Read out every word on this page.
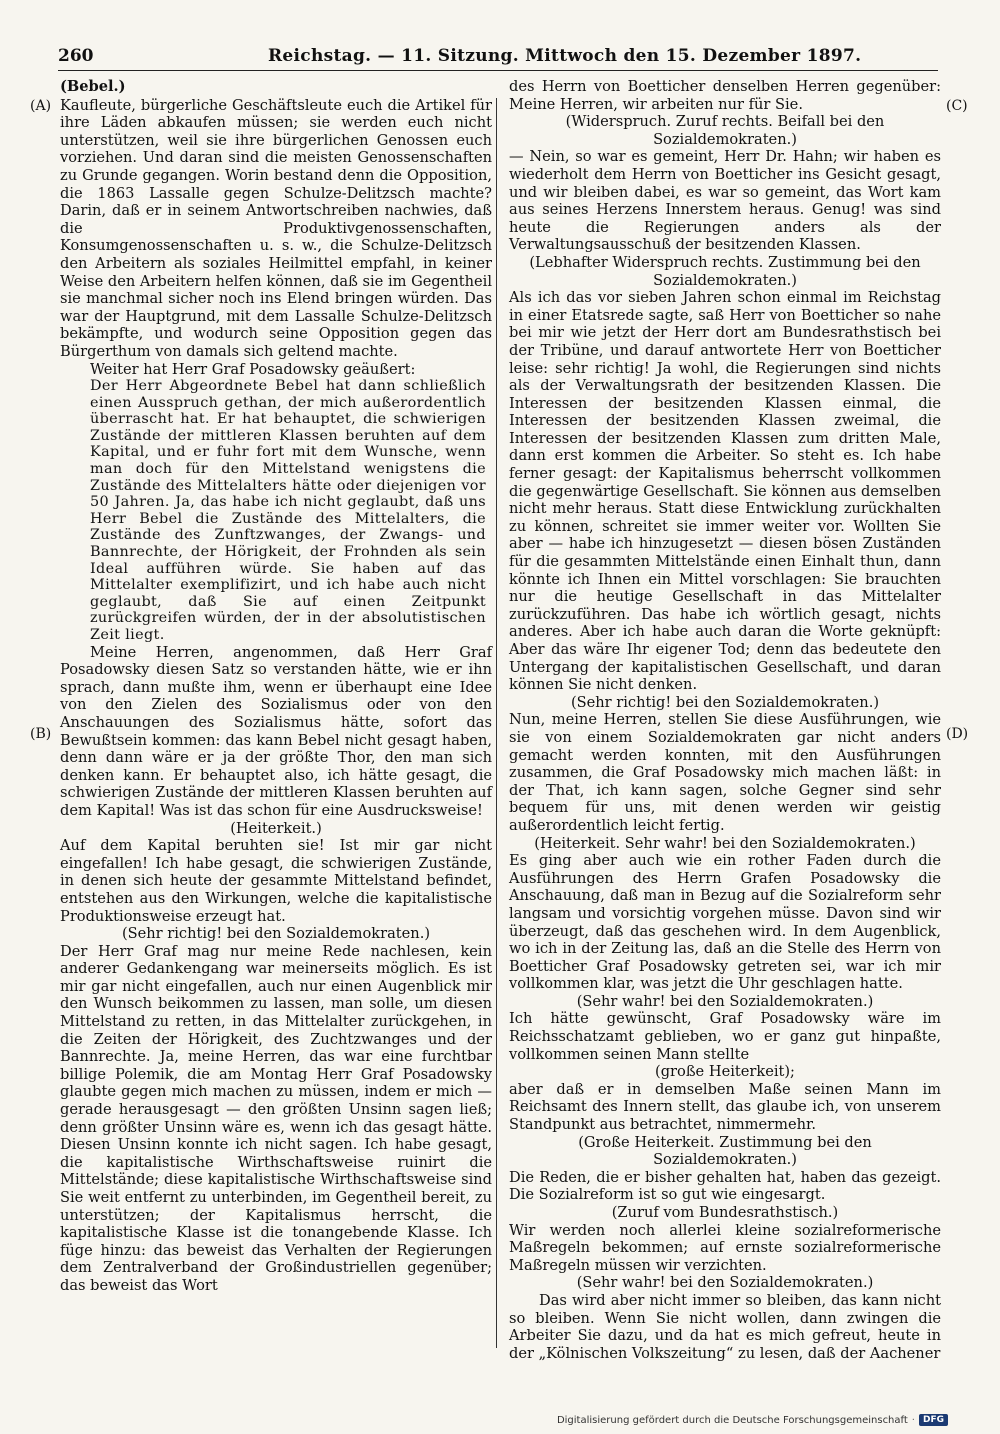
260	Reichstag. — 11. Sitzung. Mittwoch den 15. Dezember 1897.
(A)
(B)
(C)
(D)

(Bebel.)

Kaufleute, bürgerliche Geschäftsleute euch die Artikel für ihre Läden abkaufen müssen; sie werden euch nicht unterstützen, weil sie ihre bürgerlichen Genossen euch vorziehen. Und daran sind die meisten Genossenschaften zu Grunde gegangen. Worin bestand denn die Opposition, die 1863 Lassalle gegen Schulze-Delitzsch machte? Darin, daß er in seinem Antwortschreiben nachwies, daß die Produktivgenossenschaften, Konsumgenossenschaften u. s. w., die Schulze-Delitzsch den Arbeitern als soziales Heilmittel empfahl, in keiner Weise den Arbeitern helfen können, daß sie im Gegentheil sie manchmal sicher noch ins Elend bringen würden. Das war der Hauptgrund, mit dem Lassalle Schulze-Delitzsch bekämpfte, und wodurch seine Opposition gegen das Bürgerthum von damals sich geltend machte.

Weiter hat Herr Graf Posadowsky geäußert:

Der Herr Abgeordnete Bebel hat dann schließlich einen Ausspruch gethan, der mich außerordentlich überrascht hat. Er hat behauptet, die schwierigen Zustände der mittleren Klassen beruhten auf dem Kapital, und er fuhr fort mit dem Wunsche, wenn man doch für den Mittelstand wenigstens die Zustände des Mittelalters hätte oder diejenigen vor 50 Jahren. Ja, das habe ich nicht geglaubt, daß uns Herr Bebel die Zustände des Mittelalters, die Zustände des Zunftzwanges, der Zwangs- und Bannrechte, der Hörigkeit, der Frohnden als sein Ideal aufführen würde. Sie haben auf das Mittelalter exemplifizirt, und ich habe auch nicht geglaubt, daß Sie auf einen Zeitpunkt zurückgreifen würden, der in der absolutistischen Zeit liegt.

Meine Herren, angenommen, daß Herr Graf Posadowsky diesen Satz so verstanden hätte, wie er ihn sprach, dann mußte ihm, wenn er überhaupt eine Idee von den Zielen des Sozialismus oder von den Anschauungen des Sozialismus hätte, sofort das Bewußtsein kommen: das kann Bebel nicht gesagt haben, denn dann wäre er ja der größte Thor, den man sich denken kann. Er behauptet also, ich hätte gesagt, die schwierigen Zustände der mittleren Klassen beruhten auf dem Kapital! Was ist das schon für eine Ausdrucksweise!

(Heiterkeit.)

Auf dem Kapital beruhten sie! Ist mir gar nicht eingefallen! Ich habe gesagt, die schwierigen Zustände, in denen sich heute der gesammte Mittelstand befindet, entstehen aus den Wirkungen, welche die kapitalistische Produktionsweise erzeugt hat.

(Sehr richtig! bei den Sozialdemokraten.)

Der Herr Graf mag nur meine Rede nachlesen, kein anderer Gedankengang war meinerseits möglich. Es ist mir gar nicht eingefallen, auch nur einen Augenblick mir den Wunsch beikommen zu lassen, man solle, um diesen Mittelstand zu retten, in das Mittelalter zurückgehen, in die Zeiten der Hörigkeit, des Zuchtzwanges und der Bannrechte. Ja, meine Herren, das war eine furchtbar billige Polemik, die am Montag Herr Graf Posadowsky glaubte gegen mich machen zu müssen, indem er mich — gerade herausgesagt — den größten Unsinn sagen ließ; denn größter Unsinn wäre es, wenn ich das gesagt hätte. Diesen Unsinn konnte ich nicht sagen. Ich habe gesagt, die kapitalistische Wirthschaftsweise ruinirt die Mittelstände; diese kapitalistische Wirthschaftsweise sind Sie weit entfernt zu unterbinden, im Gegentheil bereit, zu unterstützen; der Kapitalismus herrscht, die kapitalistische Klasse ist die tonangebende Klasse. Ich füge hinzu: das beweist das Verhalten der Regierungen dem Zentralverband der Großindustriellen gegenüber; das beweist das Wort

des Herrn von Boetticher denselben Herren gegenüber: Meine Herren, wir arbeiten nur für Sie.

(Widerspruch. Zuruf rechts. Beifall bei den Sozialdemokraten.)

— Nein, so war es gemeint, Herr Dr. Hahn; wir haben es wiederholt dem Herrn von Boetticher ins Gesicht gesagt, und wir bleiben dabei, es war so gemeint, das Wort kam aus seines Herzens Innerstem heraus. Genug! was sind heute die Regierungen anders als der Verwaltungsausschuß der besitzenden Klassen.

(Lebhafter Widerspruch rechts. Zustimmung bei den Sozialdemokraten.)

Als ich das vor sieben Jahren schon einmal im Reichstag in einer Etatsrede sagte, saß Herr von Boetticher so nahe bei mir wie jetzt der Herr dort am Bundesrathstisch bei der Tribüne, und darauf antwortete Herr von Boetticher leise: sehr richtig! Ja wohl, die Regierungen sind nichts als der Verwaltungsrath der besitzenden Klassen. Die Interessen der besitzenden Klassen einmal, die Interessen der besitzenden Klassen zweimal, die Interessen der besitzenden Klassen zum dritten Male, dann erst kommen die Arbeiter. So steht es. Ich habe ferner gesagt: der Kapitalismus beherrscht vollkommen die gegenwärtige Gesellschaft. Sie können aus demselben nicht mehr heraus. Statt diese Entwicklung zurückhalten zu können, schreitet sie immer weiter vor. Wollten Sie aber — habe ich hinzugesetzt — diesen bösen Zuständen für die gesammten Mittelstände einen Einhalt thun, dann könnte ich Ihnen ein Mittel vorschlagen: Sie brauchten nur die heutige Gesellschaft in das Mittelalter zurückzuführen. Das habe ich wörtlich gesagt, nichts anderes. Aber ich habe auch daran die Worte geknüpft: Aber das wäre Ihr eigener Tod; denn das bedeutete den Untergang der kapitalistischen Gesellschaft, und daran können Sie nicht denken.

(Sehr richtig! bei den Sozialdemokraten.)

Nun, meine Herren, stellen Sie diese Ausführungen, wie sie von einem Sozialdemokraten gar nicht anders gemacht werden konnten, mit den Ausführungen zusammen, die Graf Posadowsky mich machen läßt: in der That, ich kann sagen, solche Gegner sind sehr bequem für uns, mit denen werden wir geistig außerordentlich leicht fertig.

(Heiterkeit. Sehr wahr! bei den Sozialdemokraten.)

Es ging aber auch wie ein rother Faden durch die Ausführungen des Herrn Grafen Posadowsky die Anschauung, daß man in Bezug auf die Sozialreform sehr langsam und vorsichtig vorgehen müsse. Davon sind wir überzeugt, daß das geschehen wird. In dem Augenblick, wo ich in der Zeitung las, daß an die Stelle des Herrn von Boetticher Graf Posadowsky getreten sei, war ich mir vollkommen klar, was jetzt die Uhr geschlagen hatte.

(Sehr wahr! bei den Sozialdemokraten.)

Ich hätte gewünscht, Graf Posadowsky wäre im Reichsschatzamt geblieben, wo er ganz gut hinpaßte, vollkommen seinen Mann stellte

(große Heiterkeit);

aber daß er in demselben Maße seinen Mann im Reichsamt des Innern stellt, das glaube ich, von unserem Standpunkt aus betrachtet, nimmermehr.

(Große Heiterkeit. Zustimmung bei den Sozialdemokraten.)

Die Reden, die er bisher gehalten hat, haben das gezeigt. Die Sozialreform ist so gut wie eingesargt.

(Zuruf vom Bundesrathstisch.)

Wir werden noch allerlei kleine sozialreformerische Maßregeln bekommen; auf ernste sozialreformerische Maßregeln müssen wir verzichten.

(Sehr wahr! bei den Sozialdemokraten.)

Das wird aber nicht immer so bleiben, das kann nicht so bleiben. Wenn Sie nicht wollen, dann zwingen die Arbeiter Sie dazu, und da hat es mich gefreut, heute in der „Kölnischen Volkszeitung“ zu lesen, daß der Aachener

Digitalisierung gefördert durch die Deutsche Forschungsgemeinschaft · DFG
